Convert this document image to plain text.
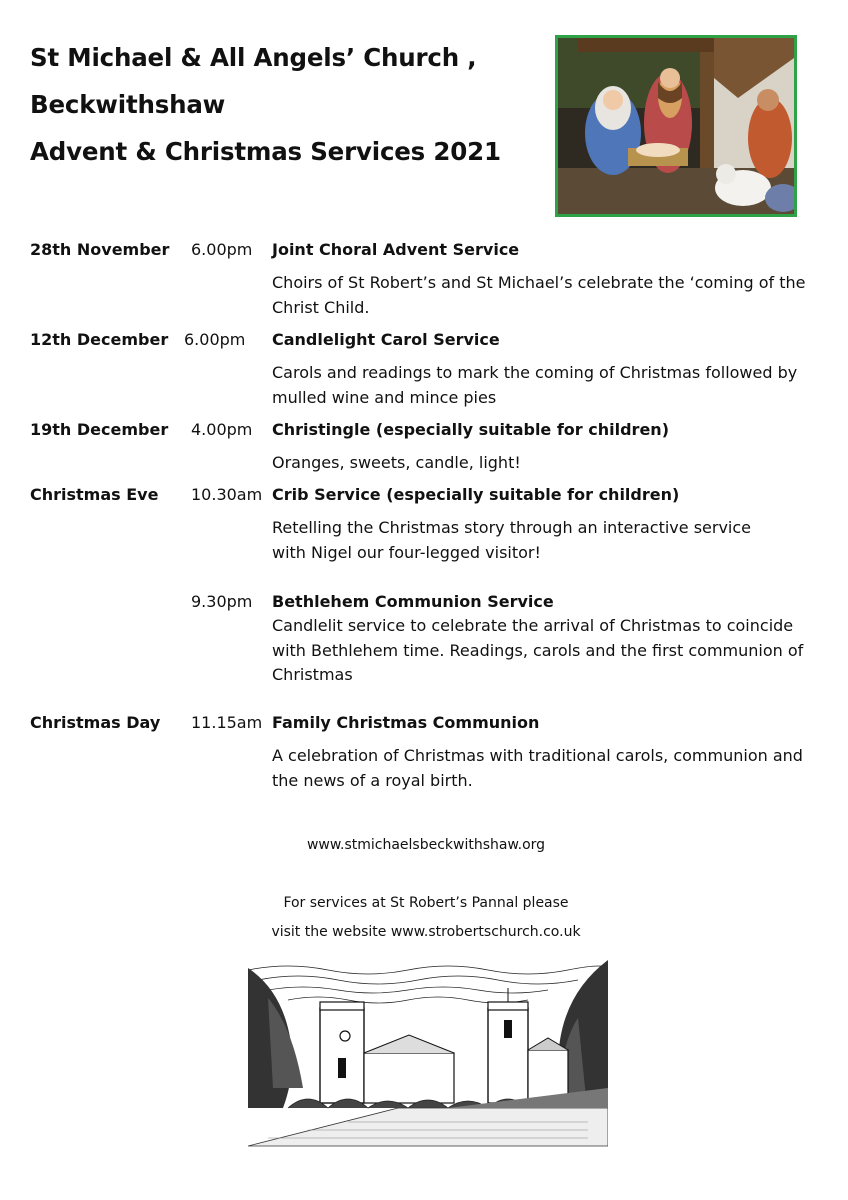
St Michael & All Angels’ Church ,
Beckwithshaw
Advent & Christmas Services 2021
28th November 6.00pm Joint Choral Advent Service
Choirs of St Robert’s and St Michael’s celebrate the ‘coming of the
Christ Child.
12th December 6.00pm Candlelight Carol Service
Carols and readings to mark the coming of Christmas followed by
mulled wine and mince pies
19th December 4.00pm Christingle (especially suitable for children)
Oranges, sweets, candle, light!
Christmas Eve 10.30am Crib Service (especially suitable for children)
Retelling the Christmas story through an interactive service
with Nigel our four-legged visitor!
9.30pm Bethlehem Communion Service
Candlelit service to celebrate the arrival of Christmas to coincide
with Bethlehem time. Readings, carols and the first communion of
Christmas
Christmas Day 11.15am Family Christmas Communion
A celebration of Christmas with traditional carols, communion and
the news of a royal birth.
www.stmichaelsbeckwithshaw.org
For services at St Robert’s Pannal please
visit the website www.strobertschurch.co.uk
